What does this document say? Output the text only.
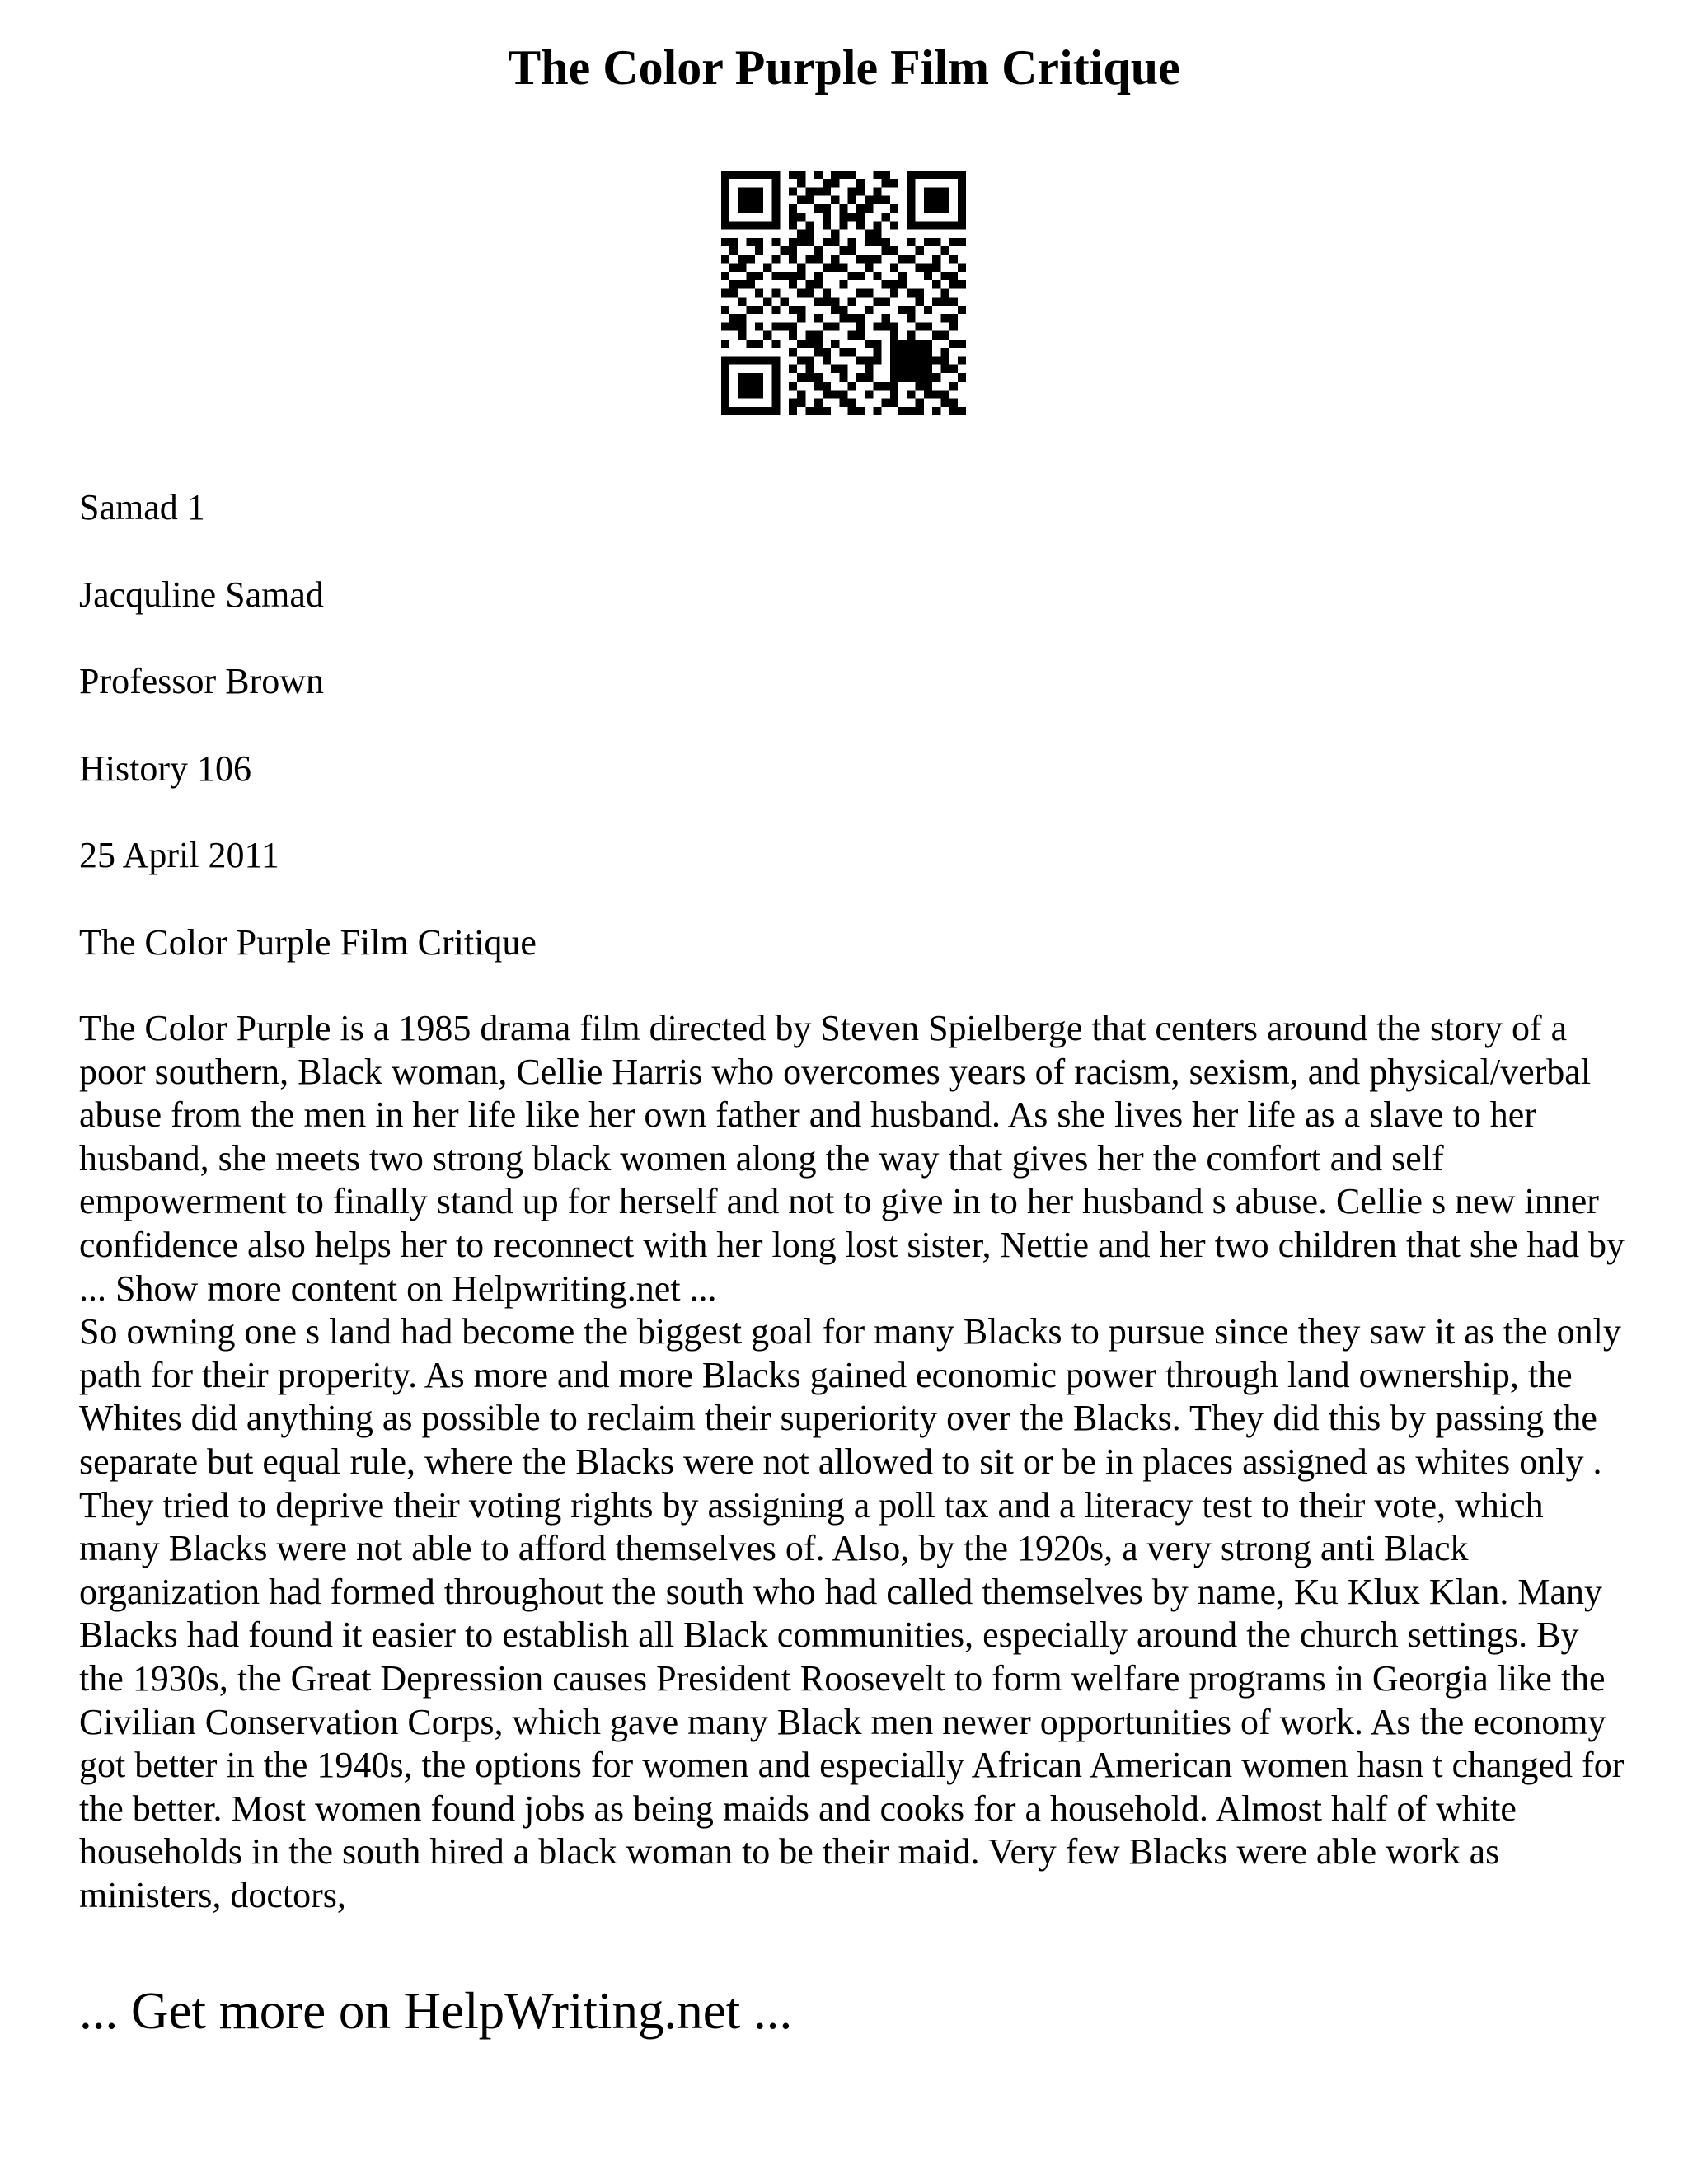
The Color Purple Film Critique
Samad 1
Jacquline Samad
Professor Brown
History 106
25 April 2011
The Color Purple Film Critique

The Color Purple is a 1985 drama film directed by Steven Spielberge that centers around the story of a poor southern, Black woman, Cellie Harris who overcomes years of racism, sexism, and physical/verbal abuse from the men in her life like her own father and husband. As she lives her life as a slave to her husband, she meets two strong black women along the way that gives her the comfort and self empowerment to finally stand up for herself and not to give in to her husband s abuse. Cellie s new inner confidence also helps her to reconnect with her long lost sister, Nettie and her two children that she had by ... Show more content on Helpwriting.net ...

So owning one s land had become the biggest goal for many Blacks to pursue since they saw it as the only path for their properity. As more and more Blacks gained economic power through land ownership, the Whites did anything as possible to reclaim their superiority over the Blacks. They did this by passing the separate but equal rule, where the Blacks were not allowed to sit or be in places assigned as whites only . They tried to deprive their voting rights by assigning a poll tax and a literacy test to their vote, which many Blacks were not able to afford themselves of. Also, by the 1920s, a very strong anti Black organization had formed throughout the south who had called themselves by name, Ku Klux Klan. Many Blacks had found it easier to establish all Black communities, especially around the church settings. By the 1930s, the Great Depression causes President Roosevelt to form welfare programs in Georgia like the Civilian Conservation Corps, which gave many Black men newer opportunities of work. As the economy got better in the 1940s, the options for women and especially African American women hasn t changed for the better. Most women found jobs as being maids and cooks for a household. Almost half of white households in the south hired a black woman to be their maid. Very few Blacks were able work as ministers, doctors,

... Get more on HelpWriting.net ...
